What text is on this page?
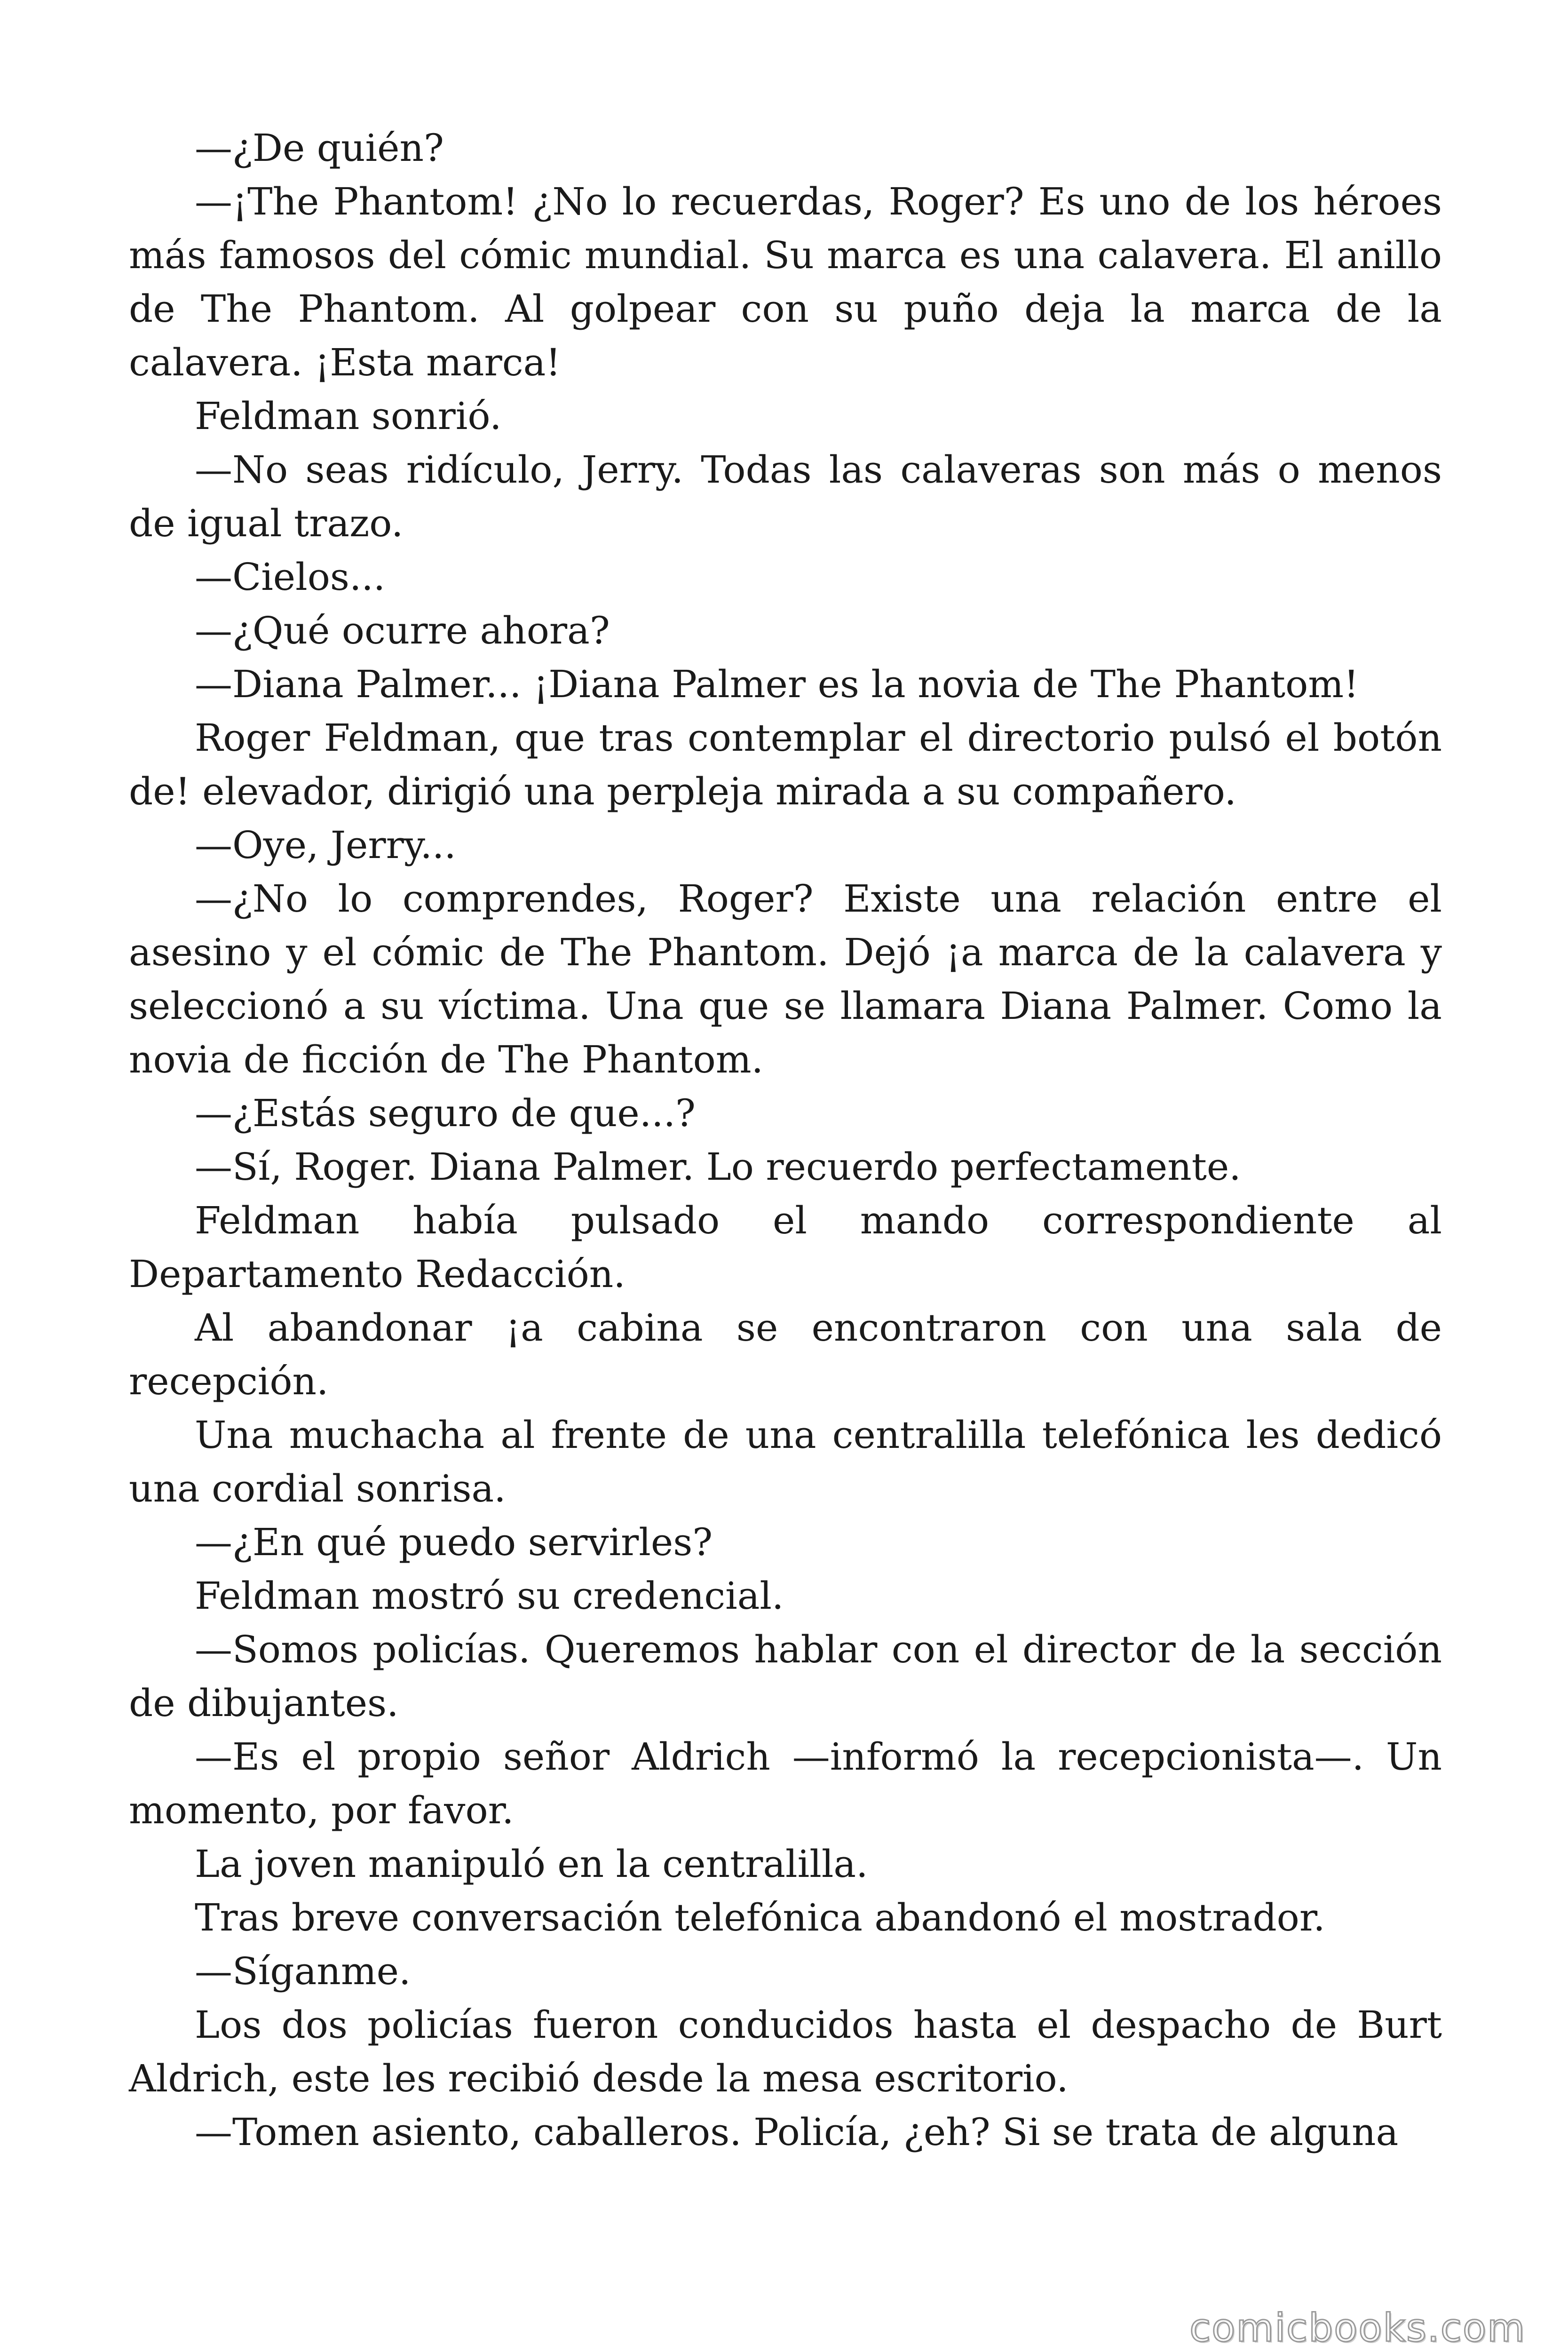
—¿De quién?

—¡The Phantom! ¿No lo recuerdas, Roger? Es uno de los héroes más famosos del cómic mundial. Su marca es una calavera. El anillo de The Phantom. Al golpear con su puño deja la marca de la calavera. ¡Esta marca!

Feldman sonrió.

—No seas ridículo, Jerry. Todas las calaveras son más o menos de igual trazo.

—Cielos...

—¿Qué ocurre ahora?

—Diana Palmer... ¡Diana Palmer es la novia de The Phantom!

Roger Feldman, que tras contemplar el directorio pulsó el botón de! elevador, dirigió una perpleja mirada a su compañero.

—Oye, Jerry...

—¿No lo comprendes, Roger? Existe una relación entre el asesino y el cómic de The Phantom. Dejó ¡a marca de la calavera y seleccionó a su víctima. Una que se llamara Diana Palmer. Como la novia de ficción de The Phantom.

—¿Estás seguro de que...?

—Sí, Roger. Diana Palmer. Lo recuerdo perfectamente.

Feldman había pulsado el mando correspondiente al Departamento Redacción.

Al abandonar ¡a cabina se encontraron con una sala de recepción.

Una muchacha al frente de una centralilla telefónica les dedicó una cordial sonrisa.

—¿En qué puedo servirles?

Feldman mostró su credencial.

—Somos policías. Queremos hablar con el director de la sección de dibujantes.

—Es el propio señor Aldrich —informó la recepcionista—. Un momento, por favor.

La joven manipuló en la centralilla.

Tras breve conversación telefónica abandonó el mostrador.

—Síganme.

Los dos policías fueron conducidos hasta el despacho de Burt Aldrich, este les recibió desde la mesa escritorio.

—Tomen asiento, caballeros. Policía, ¿eh? Si se trata de alguna

comicbooks.com
